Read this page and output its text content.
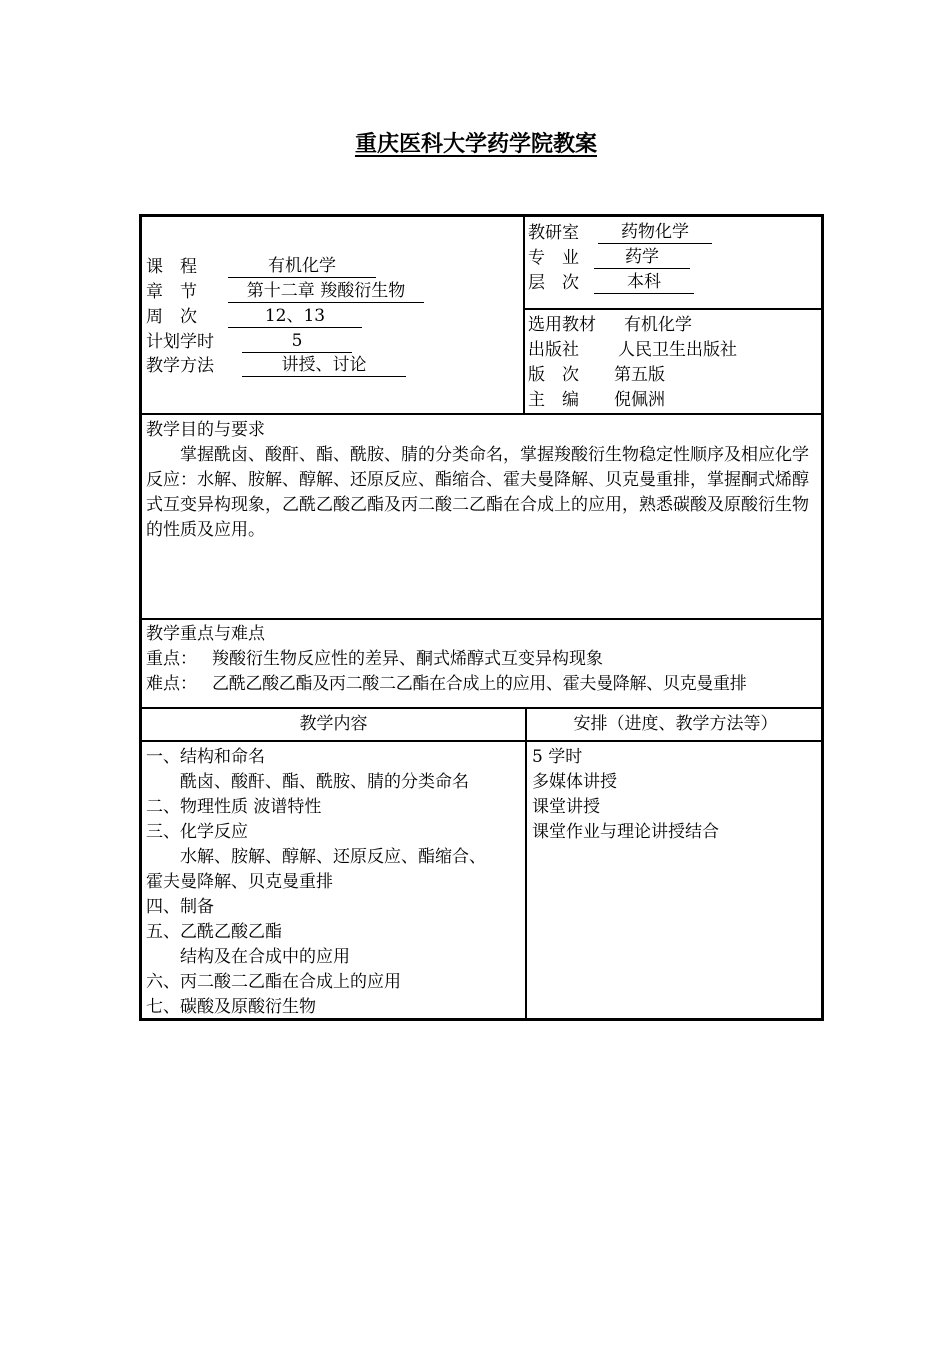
重庆医科大学药学院教案
课　程	有机化学
章　节	第十二章 羧酸衍生物
周　次	12、13
计划学时	5
教学方法	讲授、讨论
教研室	药物化学
专　业	药学
层　次	本科
选用教材 有机化学
出版社 人民卫生出版社
版　次 第五版
主　编 倪佩洲
教学目的与要求
掌握酰卤、酸酐、酯、酰胺、腈的分类命名，掌握羧酸衍生物稳定性顺序及相应化学反应：水解、胺解、醇解、还原反应、酯缩合、霍夫曼降解、贝克曼重排，掌握酮式烯醇式互变异构现象，乙酰乙酸乙酯及丙二酸二乙酯在合成上的应用，熟悉碳酸及原酸衍生物的性质及应用。
教学重点与难点
重点： 羧酸衍生物反应性的差异、酮式烯醇式互变异构现象
难点： 乙酰乙酸乙酯及丙二酸二乙酯在合成上的应用、霍夫曼降解、贝克曼重排
教学内容	安排（进度、教学方法等）
一、结构和命名
　　酰卤、酸酐、酯、酰胺、腈的分类命名
二、物理性质 波谱特性
三、化学反应
　　水解、胺解、醇解、还原反应、酯缩合、
霍夫曼降解、贝克曼重排
四、制备
五、乙酰乙酸乙酯
　　结构及在合成中的应用
六、丙二酸二乙酯在合成上的应用
七、碳酸及原酸衍生物
5 学时
多媒体讲授
课堂讲授
课堂作业与理论讲授结合
